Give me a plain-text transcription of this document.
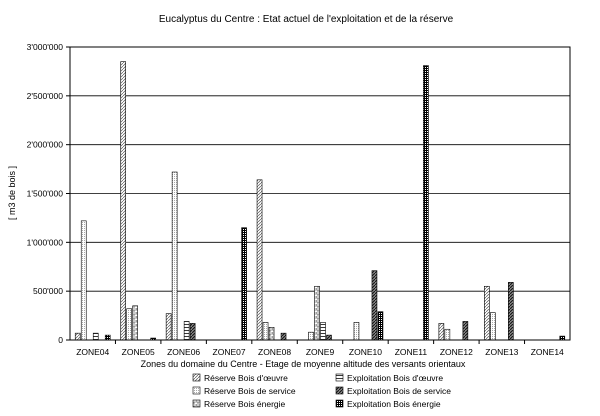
Eucalyptus du Centre : Etat actuel de l'exploitation et de la réserve
0
500'000
1'000'000
1'500'000
2'000'000
2'500'000
3'000'000
ZONE04 ZONE05 ZONE06 ZONE07 ZONE08 ZONE9 ZONE10 ZONE11 ZONE12 ZONE13 ZONE14
[ m3 de bois ]
Zones du domaine du Centre - Etage de moyenne altitude des versants orientaux
Réserve Bois d'œuvre
Réserve Bois de service
Réserve Bois énergie
Exploitation Bois d'œuvre
Exploitation Bois de service
Exploitation Bois énergie
